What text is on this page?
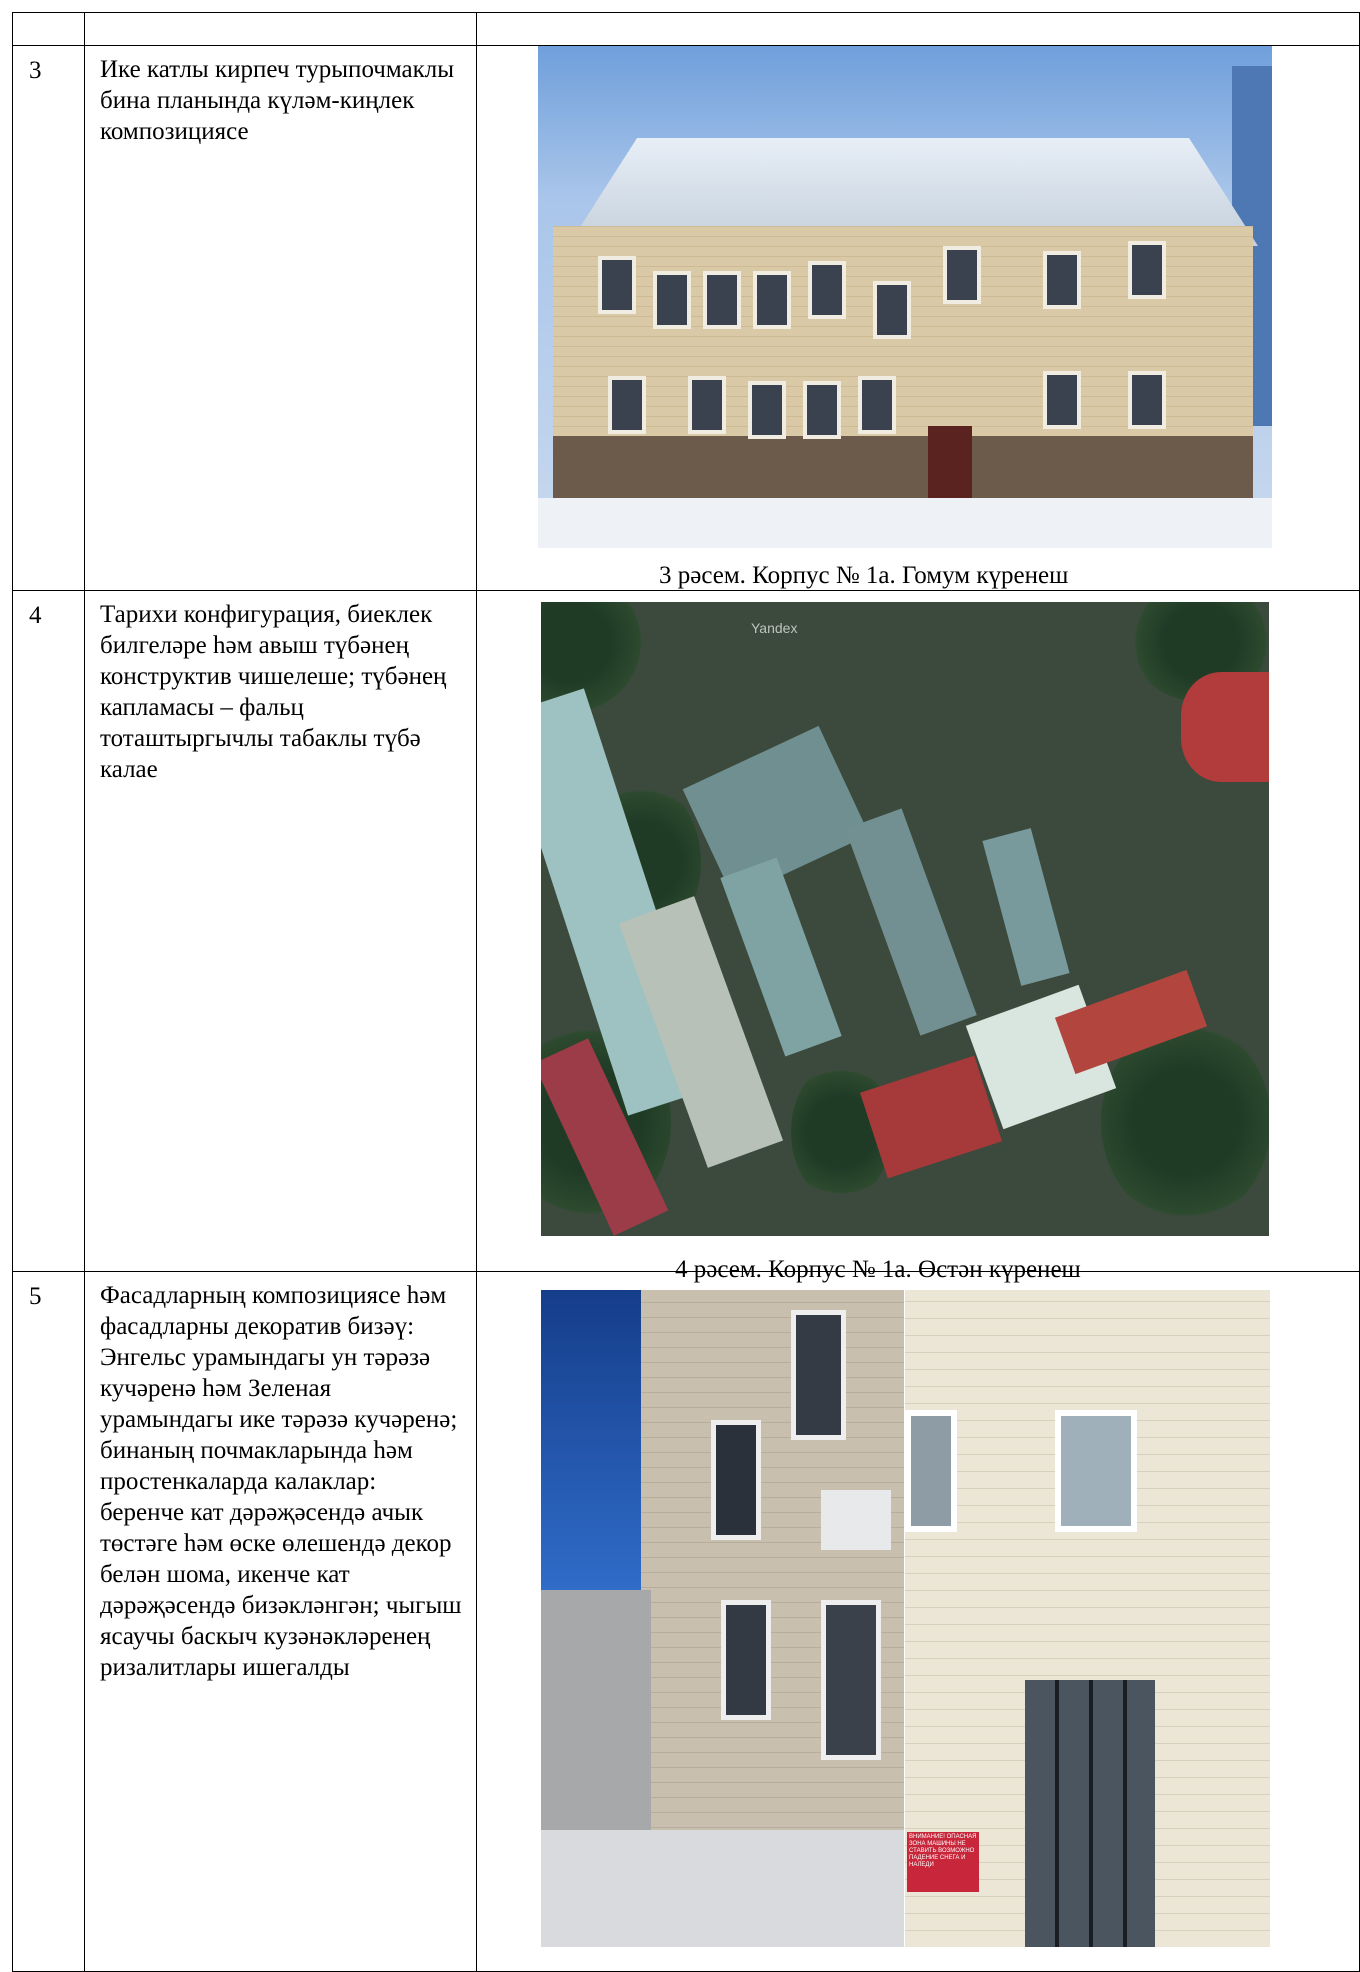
3	Ике катлы кирпеч турыпочмаклы бина планында күләм-киңлек композициясе	
4	Тарихи конфигурация, биеклек билгеләре һәм авыш түбәнең конструктив чишелеше; түбәнең капламасы – фальц тоташтыргычлы табаклы түбә калае	
5	Фасадларның композициясе һәм фасадларны декоратив бизәү: Энгельс урамындагы ун тәрәзә кучәренә һәм Зеленая урамындагы ике тәрәзә кучәренә; бинаның почмакларында һәм простенкаларда калаклар: беренче кат дәрәҗәсендә ачык төстәге һәм өске өлешендә декор белән шома, икенче кат дәрәҗәсендә бизәкләнгән; чыгыш ясаучы баскыч кузәнәкләренең ризалитлары ишегалды	
3 рәсем. Корпус № 1а. Гомум күренеш
Yandex
4 рәсем. Корпус № 1а. Өстән күренеш
ВНИМАНИЕ! ОПАСНАЯ ЗОНА МАШИНЫ НЕ СТАВИТЬ ВОЗМОЖНО ПАДЕНИЕ СНЕГА И НАЛЕДИ
